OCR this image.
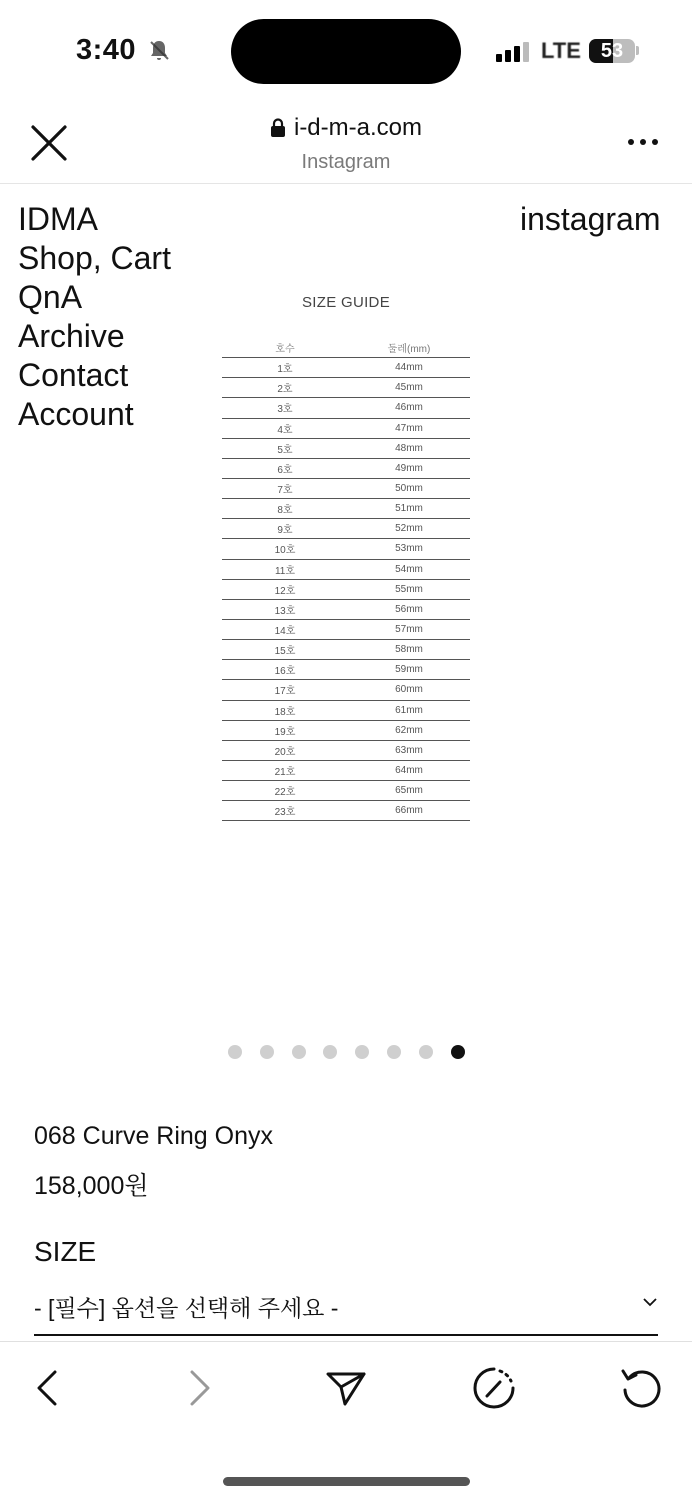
3:40	LTE 53
i-d-m-a.com
Instagram
IDMA
Shop, Cart
QnA
Archive
Contact
Account
instagram
SIZE GUIDE
호수	둘레(mm)
1호	44mm
2호	45mm
3호	46mm
4호	47mm
5호	48mm
6호	49mm
7호	50mm
8호	51mm
9호	52mm
10호	53mm
11호	54mm
12호	55mm
13호	56mm
14호	57mm
15호	58mm
16호	59mm
17호	60mm
18호	61mm
19호	62mm
20호	63mm
21호	64mm
22호	65mm
23호	66mm
068 Curve Ring Onyx
158,000원
SIZE
- [필수] 옵션을 선택해 주세요 -
